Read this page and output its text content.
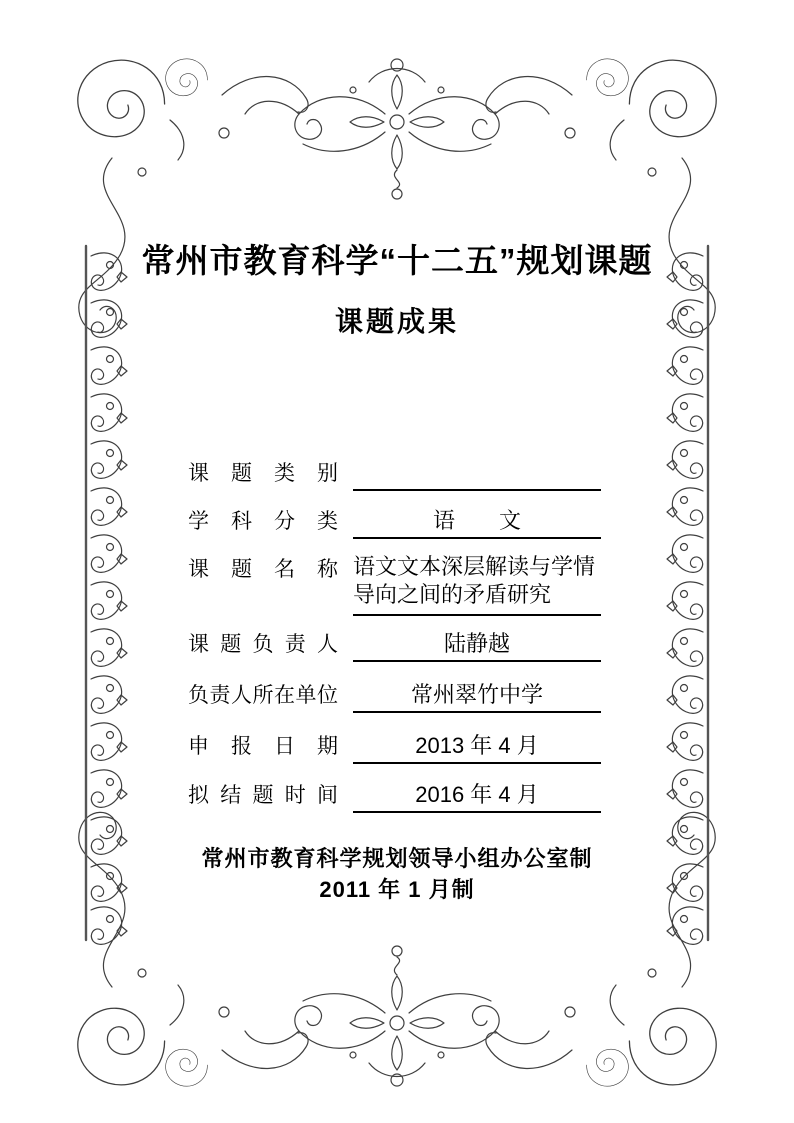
常州市教育科学“十二五”规划课题
课题成果
课题类别
学科分类	语　　文
课题名称 语文文本深层解读与学情导向之间的矛盾研究
课题负责人	陆静越
负责人所在单位	常州翠竹中学
申报日期	2013 年 4 月
拟结题时间	2016 年 4 月
常州市教育科学规划领导小组办公室制
2011 年 1 月制
